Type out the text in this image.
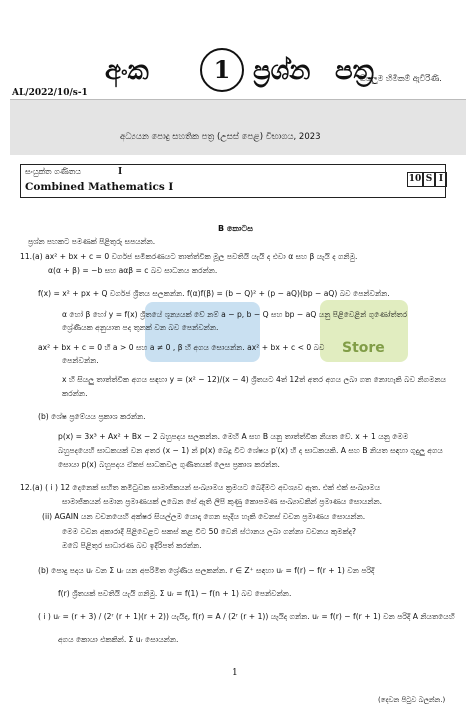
අංක	1 ප්‍රශ්න පත්‍ර
සියලුම හිමිකම් ඇවිරිණි.
AL/2022/10/s-1
අධ්‍යයන පොදු සහතික පත්‍ර (උසස් පෙළ) විභාගය, 2023
සංයුක්ත ගණිතය	I
Combined Mathematics I
10 S I
B කොටස
ප්‍රශ්න පහකට පමණක් පිළිතුරු සපයන්න.
Store
11.(a) ax² + bx + c = 0 වර්ගජ සමීකරණයට තාත්ත්වික මූල පවතියි යැයි ද එවා α සහ β යැයි ද ගනිමු.
α(α + β) = −b සහ aαβ = c බව සාධනය කරන්න.
f(x) = x² + px + Q වර්ගජ ශ්‍රිතය සලකන්න. f(α)f(β) = (b − Q)² + (p − aQ)(bp − aQ) බව පෙන්වන්න.
α හෝ β හෝ y = f(x) ශ්‍රිතයේ ශූන්‍යයක් වේ නම් a − p, b − Q සහ bp − aQ යනු පිළිවෙළින් ගුණෝත්තර
ශ්‍රේණියක අනුයාත පද තුනක් වන බව පෙන්වන්න.
ax² + bx + c = 0 හි a > 0 සහ a ≠ 0 , β හි අගය සොයන්න. ax² + bx + c < 0 බව
පෙන්වන්න.
x හි සියලු තාත්ත්වික අගය සඳහා y = (x² − 12)/(x − 4) ශ්‍රිතයට 4ත් 12ත් අතර අගය ලබා ගත නොහැකි බව නිගමනය
කරන්න.
(b) ශේෂ ප්‍රමේයය ප්‍රකාශ කරන්න.
p(x) = 3x³ + Ax² + Bx − 2 බහුපදය සලකන්න. මෙහි A සහ B යනු තාත්ත්වික නියත වේ. x + 1 යනු මෙම
බහුපදයෙහි සාධකයක් වන අතර (x − 1) න් p(x) බෙදූ විට ශේෂය p′(x) හි ද සාධකයකි. A සහ B නියත සඳහා ගුදුලු අගය
සොයා p(x) බහුපදය ඒකජ සාධකවල ගුණිතයක් ලෙස ප්‍රකාශ කරන්න.
12.(a) ( i ) 12 දෙනෙක් සහිත කමිටුවක සාමාජිකයන් සංඛ්‍යාමය ක්‍රමයට බෙදීමට අවශ්‍යව ඇත. එක් එක් සංඛ්‍යාමය
සාමාජිකයන් සමාන ප්‍රමාණයක් ලබෙන සේ ඇති ලිපි කුණු කොපමණ සංඛ්‍යාවකින් ප්‍රමාණය සොයන්න.
(ii) AGAIN යන වචනයෙහි අක්ෂර සියල්ලම යොදා ගෙන සෑදිය හැකි වෙනස් වචන ප්‍රමාණය සොයන්න.
මෙම වචන අකාරාදි පිළිවෙළට සකස් කළ විට 50 වෙනි ස්ථානය ලබා ගන්නා වචනය කුමක්ද?
ඔබේ පිළිතුර සාධාරණ බව ඉදිරිපත් කරන්න.
(b) පොදු පදය uᵣ වන Σ uᵣ යන අපරිමිත ශ්‍රේණිය සලකන්න. r ∈ Z⁺ සඳහා uᵣ = f(r) − f(r + 1) වන පරිදි
f(r) ශ්‍රිතයක් පවතියි යැයි ගනිමු. Σ uᵣ = f(1) − f(n + 1) බව පෙන්වන්න.
( i ) uᵣ = (r + 3) / (2ʳ (r + 1)(r + 2)) යැයිද, f(r) = A / (2ʳ (r + 1)) යැයිද ගන්න. uᵣ = f(r) − f(r + 1) වන පරිදි A නියතයෙහි
අගය කොයා එකකින්. Σ uᵣ සොයන්න.
1
(දෙවන පිටුව බලන්න.)
